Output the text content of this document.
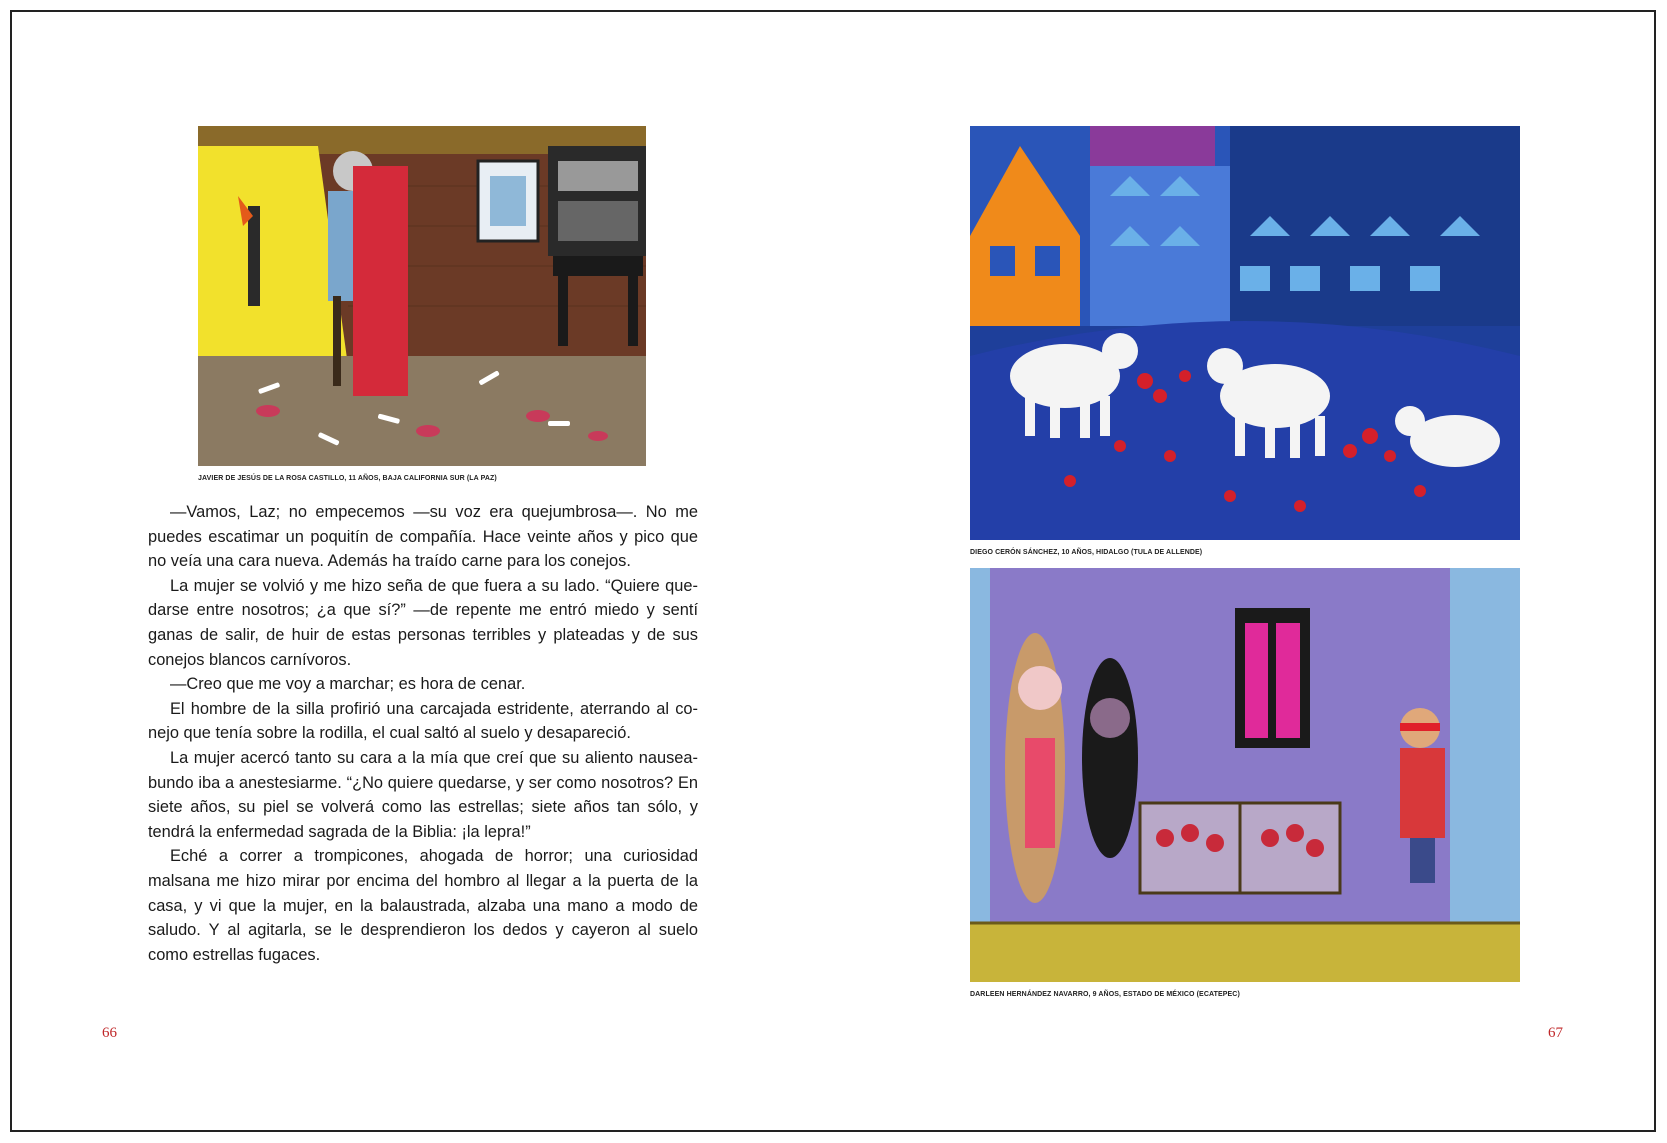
JAVIER DE JESÚS DE LA ROSA CASTILLO, 11 AÑOS, BAJA CALIFORNIA SUR (LA PAZ)

—Vamos, Laz; no empecemos —su voz era quejumbrosa—. No me puedes escatimar un poquitín de compañía. Hace veinte años y pico que no veía una cara nueva. Además ha traído carne para los conejos.

La mujer se volvió y me hizo seña de que fuera a su lado. “Quiere quedarse entre nosotros; ¿a que sí?” —de repente me entró miedo y sentí ganas de salir, de huir de estas personas terribles y plateadas y de sus conejos blancos carnívoros.

—Creo que me voy a marchar; es hora de cenar.

El hombre de la silla profirió una carcajada estridente, aterrando al conejo que tenía sobre la rodilla, el cual saltó al suelo y desapareció.

La mujer acercó tanto su cara a la mía que creí que su aliento nauseabundo iba a anestesiarme. “¿No quiere quedarse, y ser como nosotros? En siete años, su piel se volverá como las estrellas; siete años tan sólo, y tendrá la enfermedad sagrada de la Biblia: ¡la lepra!”

Eché a correr a trompicones, ahogada de horror; una curiosidad malsana me hizo mirar por encima del hombro al llegar a la puerta de la casa, y vi que la mujer, en la balaustrada, alzaba una mano a modo de saludo. Y al agitarla, se le desprendieron los dedos y cayeron al suelo como estrellas fugaces.

66
DIEGO CERÓN SÁNCHEZ, 10 AÑOS, HIDALGO (TULA DE ALLENDE)
DARLEEN HERNÁNDEZ NAVARRO, 9 AÑOS, ESTADO DE MÉXICO (ECATEPEC)
67
